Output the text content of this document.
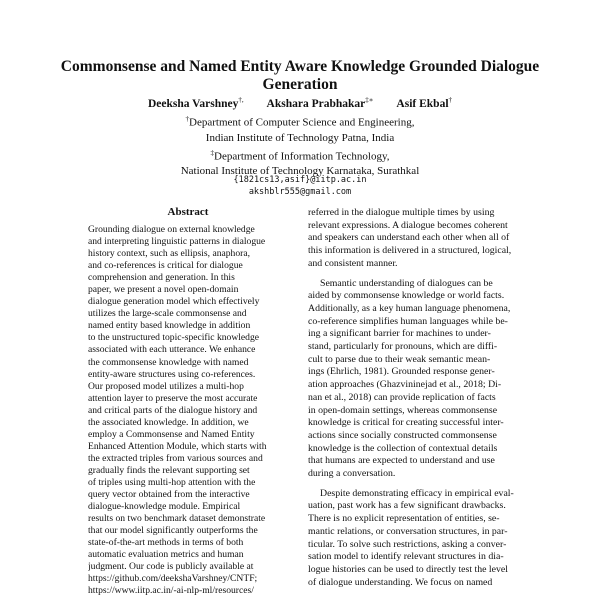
Commonsense and Named Entity Aware Knowledge Grounded Dialogue
Generation
Deeksha Varshney†, Akshara Prabhakar‡∗ Asif Ekbal†
†Department of Computer Science and Engineering,
Indian Institute of Technology Patna, India
‡Department of Information Technology,
National Institute of Technology Karnataka, Surathkal
{1821cs13,asif}@iitp.ac.in
akshblr555@gmail.com
Abstract
Grounding dialogue on external knowledge
and interpreting linguistic patterns in dialogue
history context, such as ellipsis, anaphora,
and co-references is critical for dialogue
comprehension and generation. In this
paper, we present a novel open-domain
dialogue generation model which effectively
utilizes the large-scale commonsense and
named entity based knowledge in addition
to the unstructured topic-specific knowledge
associated with each utterance. We enhance
the commonsense knowledge with named
entity-aware structures using co-references.
Our proposed model utilizes a multi-hop
attention layer to preserve the most accurate
and critical parts of the dialogue history and
the associated knowledge. In addition, we
employ a Commonsense and Named Entity
Enhanced Attention Module, which starts with
the extracted triples from various sources and
gradually finds the relevant supporting set
of triples using multi-hop attention with the
query vector obtained from the interactive
dialogue-knowledge module. Empirical
results on two benchmark dataset demonstrate
that our model significantly outperforms the
state-of-the-art methods in terms of both
automatic evaluation metrics and human
judgment. Our code is publicly available at
https://github.com/deekshaVarshney/CNTF;
https://www.iitp.ac.in/-ai-nlp-ml/resources/
referred in the dialogue multiple times by using
relevant expressions. A dialogue becomes coherent
and speakers can understand each other when all of
this information is delivered in a structured, logical,
and consistent manner.
Semantic understanding of dialogues can be
aided by commonsense knowledge or world facts.
Additionally, as a key human language phenomena,
co-reference simplifies human languages while be-
ing a significant barrier for machines to under-
stand, particularly for pronouns, which are diffi-
cult to parse due to their weak semantic mean-
ings (Ehrlich, 1981). Grounded response gener-
ation approaches (Ghazvininejad et al., 2018; Di-
nan et al., 2018) can provide replication of facts
in open-domain settings, whereas commonsense
knowledge is critical for creating successful inter-
actions since socially constructed commonsense
knowledge is the collection of contextual details
that humans are expected to understand and use
during a conversation.
Despite demonstrating efficacy in empirical eval-
uation, past work has a few significant drawbacks.
There is no explicit representation of entities, se-
mantic relations, or conversation structures, in par-
ticular. To solve such restrictions, asking a conver-
sation model to identify relevant structures in dia-
logue histories can be used to directly test the level
of dialogue understanding. We focus on named
